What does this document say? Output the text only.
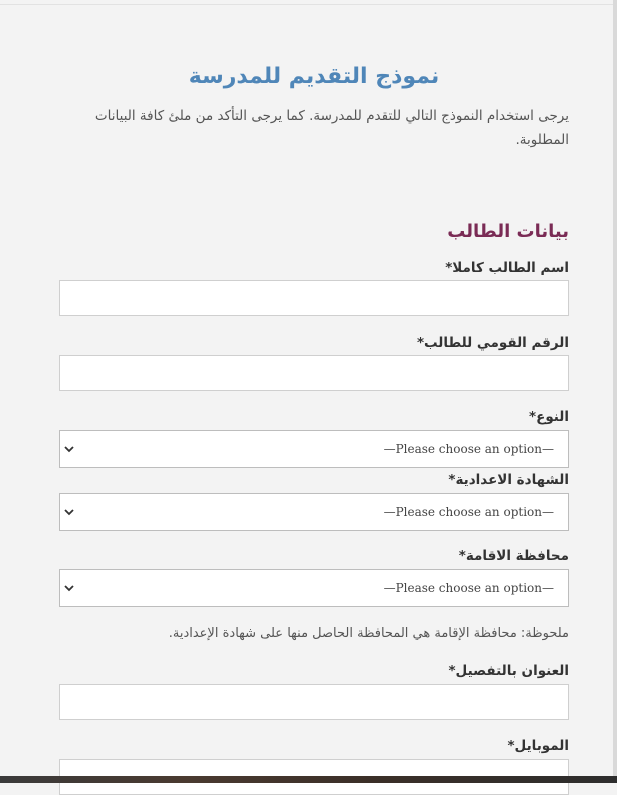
نموذج التقديم للمدرسة
يرجى استخدام النموذج التالي للتقدم للمدرسة. كما يرجى التأكد من ملئ كافة البيانات المطلوبة.
بيانات الطالب
اسم الطالب كاملا*
الرقم القومي للطالب*
النوع*
—Please choose an option—
الشهادة الاعدادية*
—Please choose an option—
محافظة الاقامة*
—Please choose an option—
ملحوظة: محافظة الإقامة هي المحافظة الحاصل منها على شهادة الإعدادية.
العنوان بالتفصيل*
الموبايل*
